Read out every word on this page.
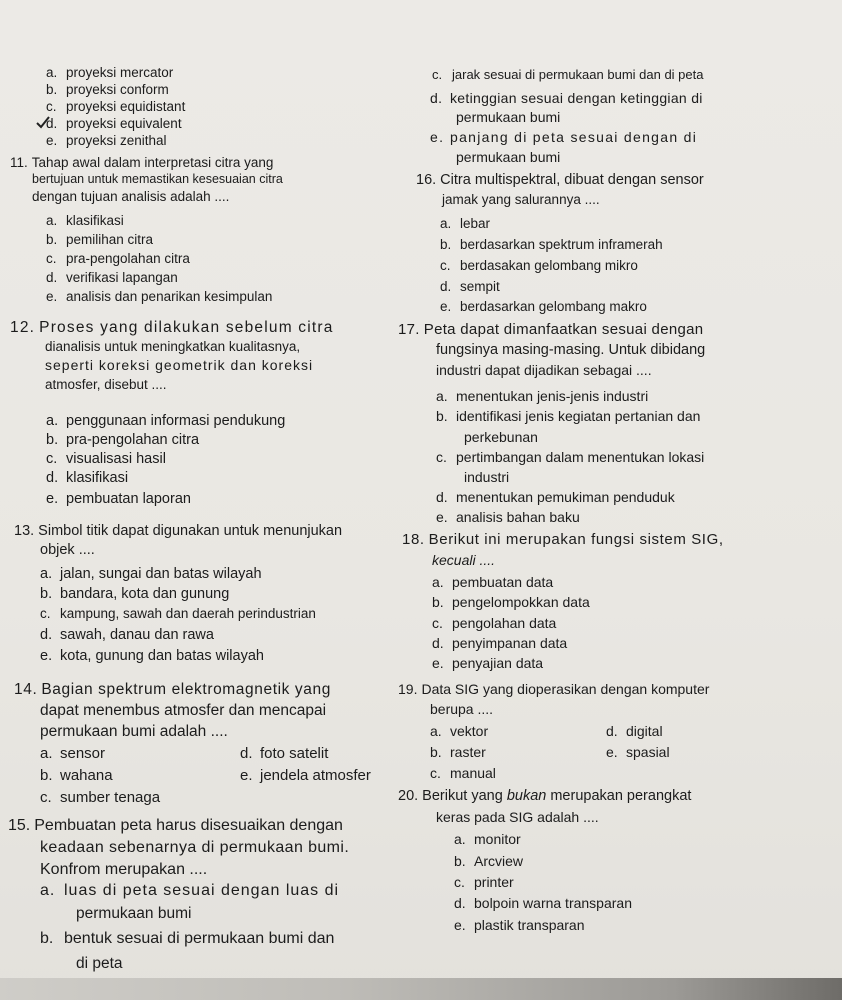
a. proyeksi mercator
b. proyeksi conform
c. proyeksi equidistant
d. proyeksi equivalent
e. proyeksi zenithal
11. Tahap awal dalam interpretasi citra yang
bertujuan untuk memastikan kesesuaian citra
dengan tujuan analisis adalah ....
a. klasifikasi
b. pemilihan citra
c. pra-pengolahan citra
d. verifikasi lapangan
e. analisis dan penarikan kesimpulan
12. Proses yang dilakukan sebelum citra
dianalisis untuk meningkatkan kualitasnya,
seperti koreksi geometrik dan koreksi
atmosfer, disebut ....
a. penggunaan informasi pendukung
b. pra-pengolahan citra
c. visualisasi hasil
d. klasifikasi
e. pembuatan laporan
13. Simbol titik dapat digunakan untuk menunjukan
objek ....
a. jalan, sungai dan batas wilayah
b. bandara, kota dan gunung
c. kampung, sawah dan daerah perindustrian
d. sawah, danau dan rawa
e. kota, gunung dan batas wilayah
14. Bagian spektrum elektromagnetik yang
dapat menembus atmosfer dan mencapai
permukaan bumi adalah ....
a. sensor
b. wahana
c. sumber tenaga
d. foto satelit
e. jendela atmosfer
15. Pembuatan peta harus disesuaikan dengan
keadaan sebenarnya di permukaan bumi.
Konfrom merupakan ....
a. luas di peta sesuai dengan luas di
permukaan bumi
b. bentuk sesuai di permukaan bumi dan
di peta
c. jarak sesuai di permukaan bumi dan di peta
d. ketinggian sesuai dengan ketinggian di
permukaan bumi
e. panjang di peta sesuai dengan di
permukaan bumi
16. Citra multispektral, dibuat dengan sensor
jamak yang salurannya ....
a. lebar
b. berdasarkan spektrum inframerah
c. berdasakan gelombang mikro
d. sempit
e. berdasarkan gelombang makro
17. Peta dapat dimanfaatkan sesuai dengan
fungsinya masing-masing. Untuk dibidang
industri dapat dijadikan sebagai ....
a. menentukan jenis-jenis industri
b. identifikasi jenis kegiatan pertanian dan
perkebunan
c. pertimbangan dalam menentukan lokasi
industri
d. menentukan pemukiman penduduk
e. analisis bahan baku
18. Berikut ini merupakan fungsi sistem SIG,
kecuali ....
a. pembuatan data
b. pengelompokkan data
c. pengolahan data
d. penyimpanan data
e. penyajian data
19. Data SIG yang dioperasikan dengan komputer
berupa ....
a. vektor
b. raster
c. manual
d. digital
e. spasial
20. Berikut yang bukan merupakan perangkat
keras pada SIG adalah ....
a. monitor
b. Arcview
c. printer
d. bolpoin warna transparan
e. plastik transparan
